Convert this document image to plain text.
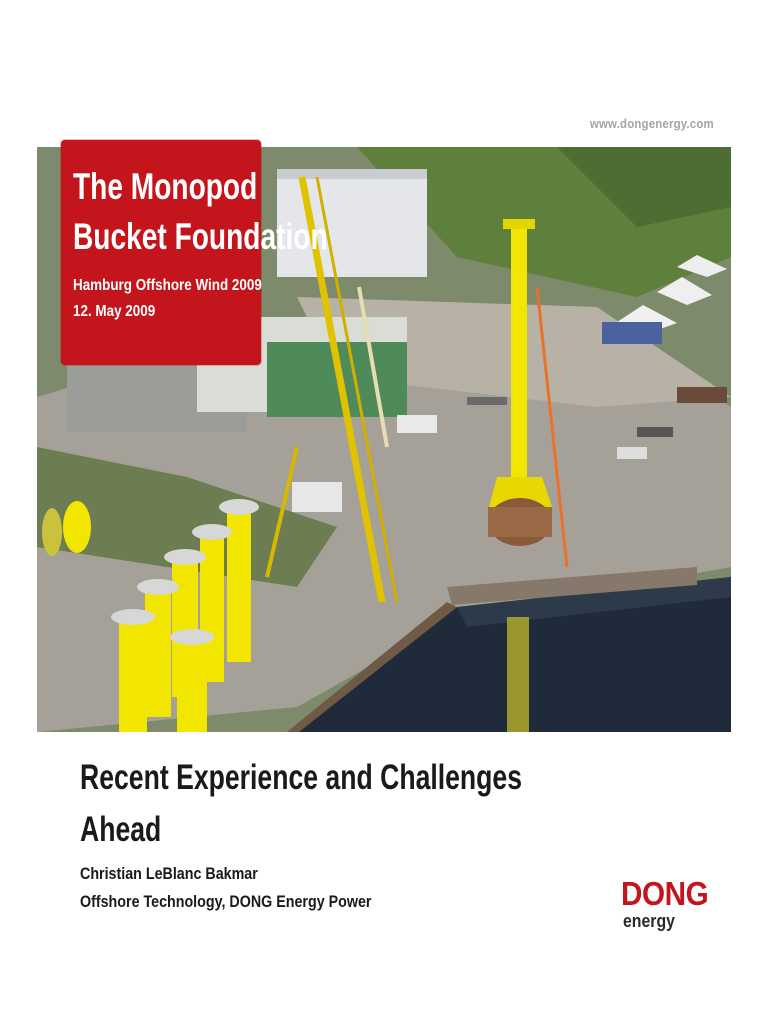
www.dongenergy.com
The Monopod
Bucket Foundation
Hamburg Offshore Wind 2009
12. May 2009
Recent Experience and Challenges
Ahead
Christian LeBlanc Bakmar
Offshore Technology, DONG Energy Power	DONG
energy
